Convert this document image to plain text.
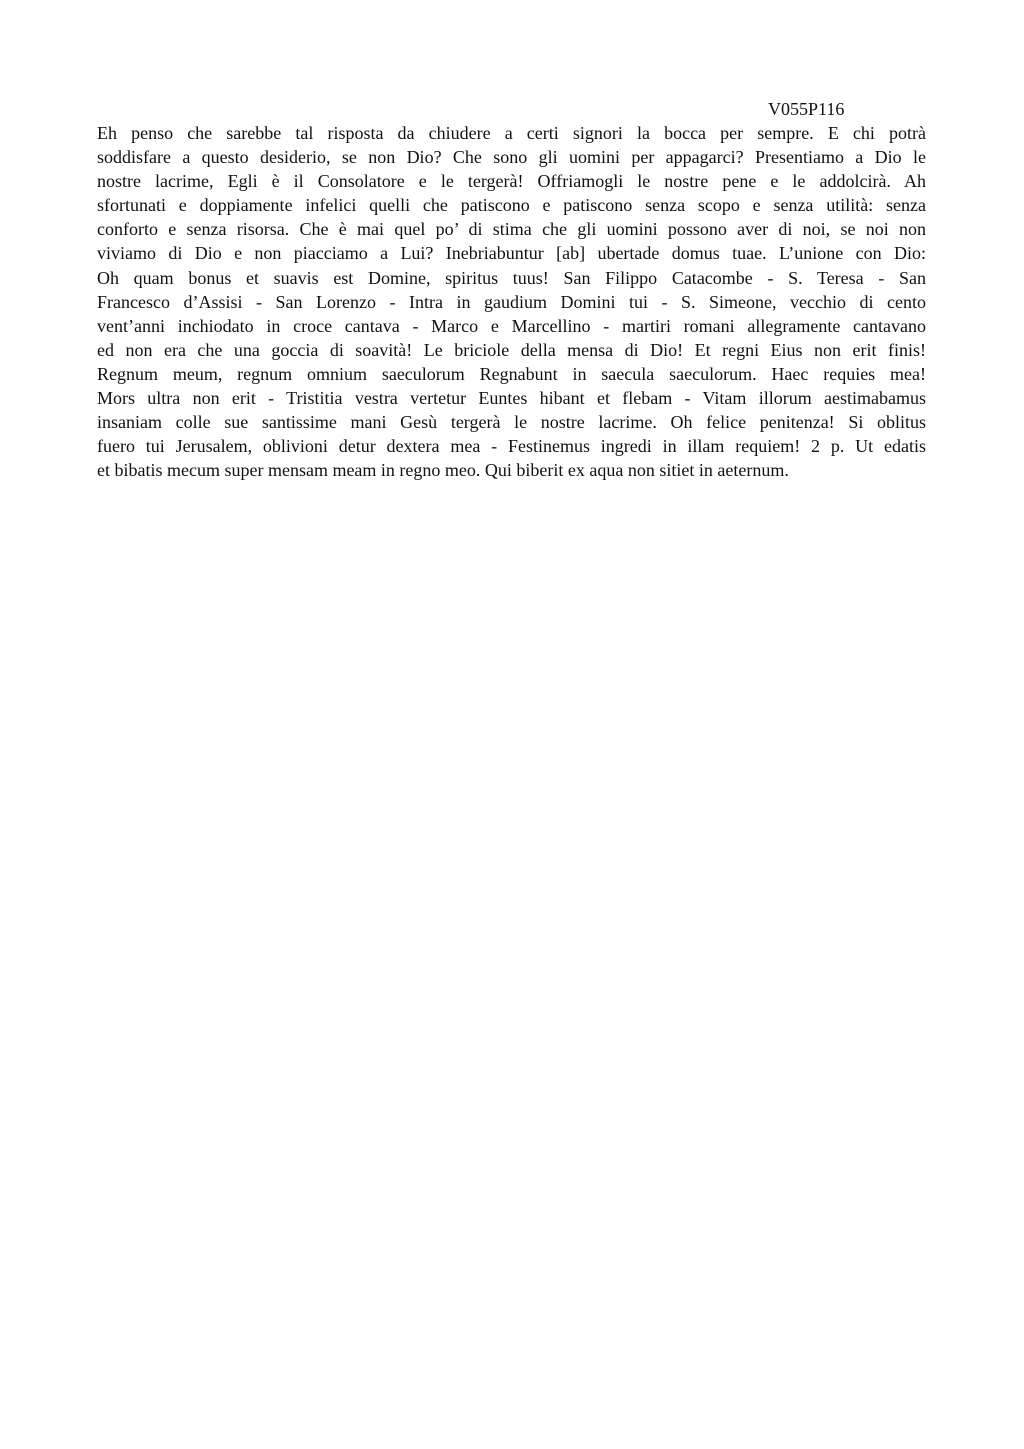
V055P116
Eh penso che sarebbe tal risposta da chiudere a certi signori la bocca per sempre. E chi potrà
soddisfare a questo desiderio, se non Dio? Che sono gli uomini per appagarci? Presentiamo a Dio le
nostre lacrime, Egli è il Consolatore e le tergerà! Offriamogli le nostre pene e le addolcirà. Ah
sfortunati e doppiamente infelici quelli che patiscono e patiscono senza scopo e senza utilità: senza
conforto e senza risorsa. Che è mai quel po’ di stima che gli uomini possono aver di noi, se noi non
viviamo di Dio e non piacciamo a Lui? Inebriabuntur [ab] ubertade domus tuae. L’unione con Dio:
Oh quam bonus et suavis est Domine, spiritus tuus! San Filippo Catacombe - S. Teresa - San
Francesco d’Assisi - San Lorenzo - Intra in gaudium Domini tui - S. Simeone, vecchio di cento
vent’anni inchiodato in croce cantava - Marco e Marcellino - martiri romani allegramente cantavano
ed non era che una goccia di soavità! Le briciole della mensa di Dio! Et regni Eius non erit finis!
Regnum meum, regnum omnium saeculorum Regnabunt in saecula saeculorum. Haec requies mea!
Mors ultra non erit - Tristitia vestra vertetur Euntes hibant et flebam - Vitam illorum aestimabamus
insaniam colle sue santissime mani Gesù tergerà le nostre lacrime. Oh felice penitenza! Si oblitus
fuero tui Jerusalem, oblivioni detur dextera mea - Festinemus ingredi in illam requiem! 2 p. Ut edatis
et bibatis mecum super mensam meam in regno meo. Qui biberit ex aqua non sitiet in aeternum.
